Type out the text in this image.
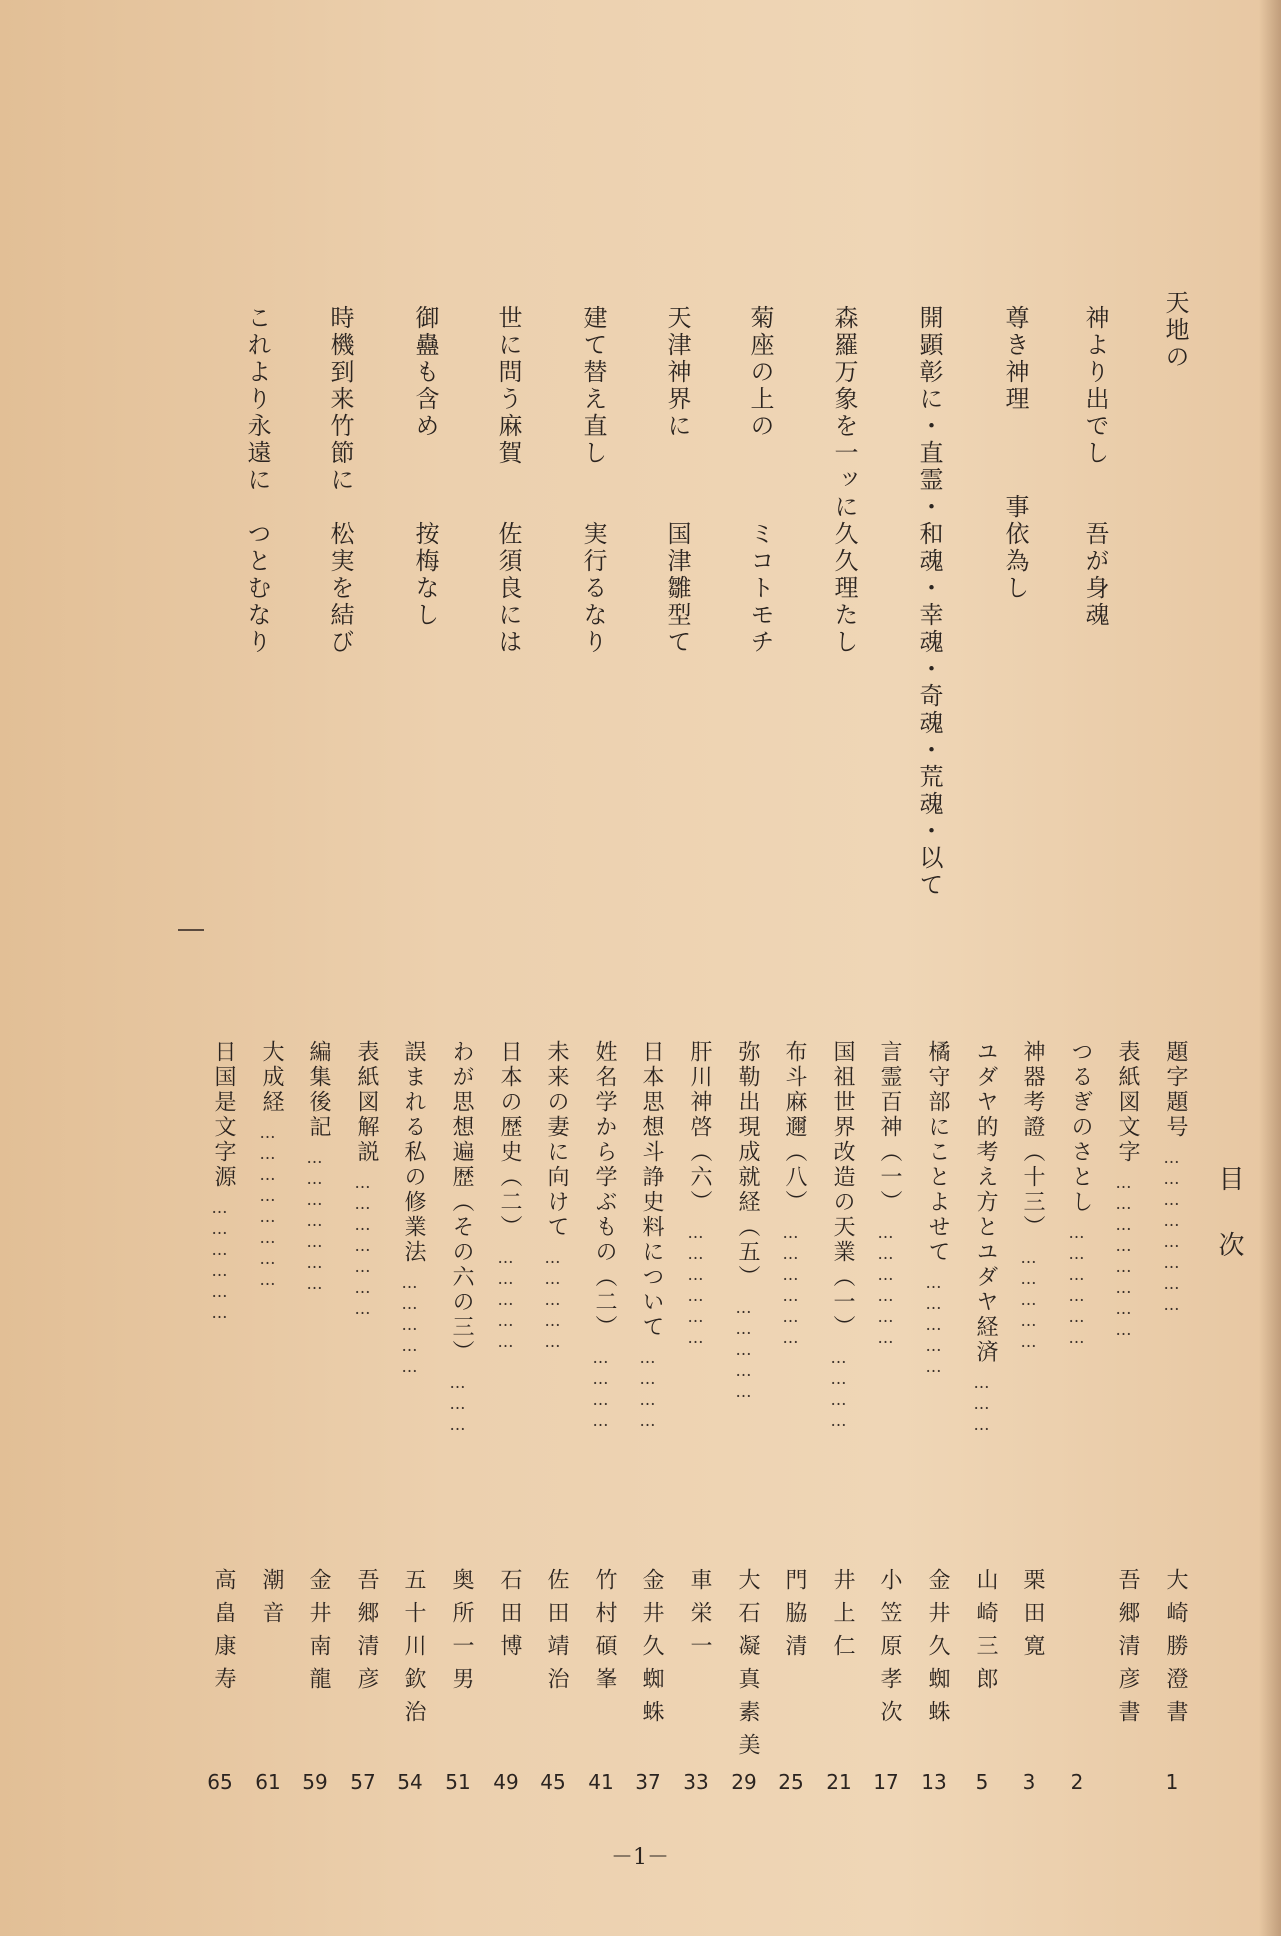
天地の
神より出でし　　吾が身魂
尊き神理　　　事依為し
開顕彰に・直霊・和魂・幸魂・奇魂・荒魂・以て
森羅万象を一ッに久久理たし
菊座の上の　　　ミコトモチ
天津神界に　　　国津雛型て
建て替え直し　　実行るなり
世に問う麻賀　　佐須良には
御蠱も含め　　　按梅なし
時機到来竹節に　松実を結び
これより永遠に　つとむなり
目次
題字題号
……………………
大崎勝澄書
1
表紙図文字
……………………
吾郷清彦書
つるぎのさとし
………………
2
神器考證（十三）
……………
栗田寛
3
ユダヤ的考え方とユダヤ経済
………
山崎三郎
5
橘守部にことよせて
……………
金井久蜘蛛
13
言霊百神（一）
………………
小笠原孝次
17
国祖世界改造の天業（一）
…………
井上仁
21
布斗麻邇（八）
………………
門脇清
25
弥勒出現成就経（五）
……………
大石凝真素美
29
肝川神啓（六）
………………
車栄一
33
日本思想斗諍史料について
…………
金井久蜘蛛
37
姓名学から学ぶもの（二）
…………
竹村碩峯
41
未来の妻に向けて
……………
佐田靖治
45
日本の歴史（二）
……………
石田博
49
わが思想遍歴（その六の三）
………
奥所一男
51
誤まれる私の修業法
……………
五十川欽治
54
表紙図解説
…………………
吾郷清彦
57
編集後記
…………………
金井南龍
59
大成経
……………………
潮音
61
日国是文字源
………………
高畠康寿
65
－1－
